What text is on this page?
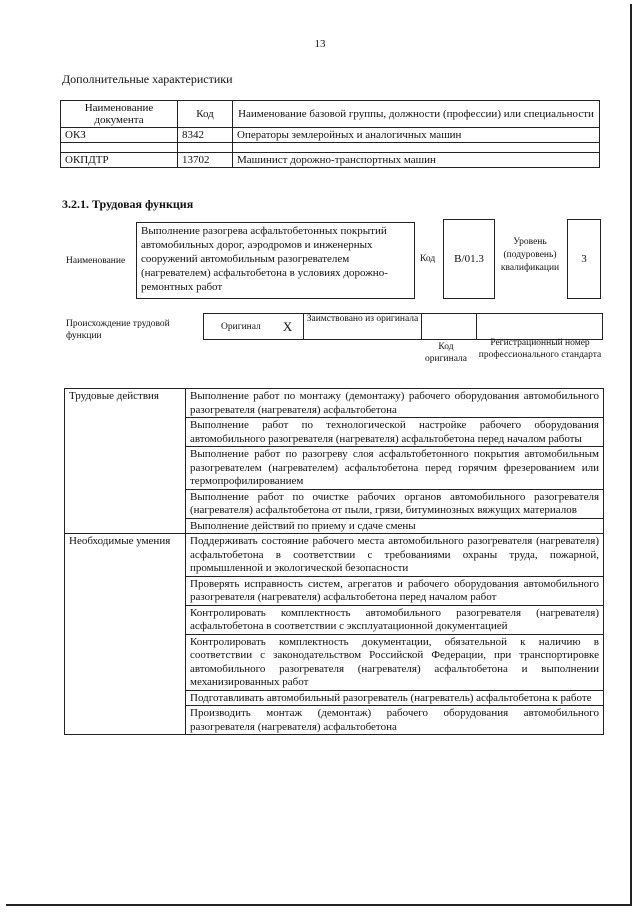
13
Дополнительные характеристики
Наименование документа	Код	Наименование базовой группы, должности (профессии) или специальности
ОКЗ	8342	Операторы землеройных и аналогичных машин

ОКПДТР	13702	Машинист дорожно-транспортных машин
3.2.1. Трудовая функция
Наименование
Выполнение разогрева асфальтобетонных покрытий автомобильных дорог, аэродромов и инженерных сооружений автомобильным разогревателем (нагревателем) асфальтобетона в условиях дорожно-ремонтных работ
Код	B/01.3
Уровень (подуровень) квалификации
3
Происхождение трудовой функции
Оригинал X Заимствовано из оригинала
Код оригинала
Регистрационный номер профессионального стандарта
Трудовые действия	Выполнение работ по монтажу (демонтажу) рабочего оборудования автомобильного разогревателя (нагревателя) асфальтобетона
	Выполнение работ по технологической настройке рабочего оборудования автомобильного разогревателя (нагревателя) асфальтобетона перед началом работы
	Выполнение работ по разогреву слоя асфальтобетонного покрытия автомобильным разогревателем (нагревателем) асфальтобетона перед горячим фрезерованием или термопрофилированием
	Выполнение работ по очистке рабочих органов автомобильного разогревателя (нагревателя) асфальтобетона от пыли, грязи, битуминозных вяжущих материалов
	Выполнение действий по приему и сдаче смены
Необходимые умения	Поддерживать состояние рабочего места автомобильного разогревателя (нагревателя) асфальтобетона в соответствии с требованиями охраны труда, пожарной, промышленной и экологической безопасности
	Проверять исправность систем, агрегатов и рабочего оборудования автомобильного разогревателя (нагревателя) асфальтобетона перед началом работ
	Контролировать комплектность автомобильного разогревателя (нагревателя) асфальтобетона в соответствии с эксплуатационной документацией
	Контролировать комплектность документации, обязательной к наличию в соответствии с законодательством Российской Федерации, при транспортировке автомобильного разогревателя (нагревателя) асфальтобетона и выполнении механизированных работ
	Подготавливать автомобильный разогреватель (нагреватель) асфальтобетона к работе
	Производить монтаж (демонтаж) рабочего оборудования автомобильного разогревателя (нагревателя) асфальтобетона
